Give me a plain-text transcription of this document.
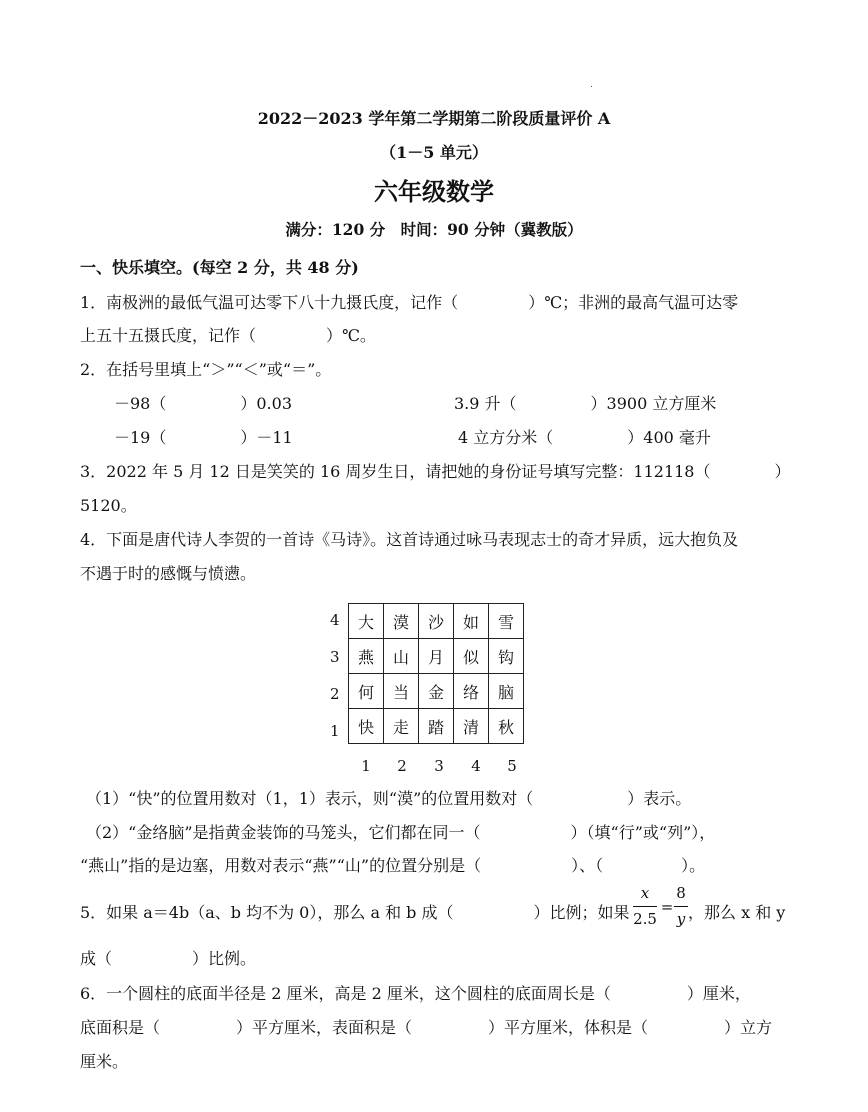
2022－2023 学年第二学期第二阶段质量评价 A
（1－5 单元）
六年级数学
满分：120 分　时间：90 分钟（冀教版）
一、快乐填空。(每空 2 分，共 48 分)
1．南极洲的最低气温可达零下八十九摄氏度，记作（	）℃；非洲的最高气温可达零
上五十五摄氏度，记作（	）℃。
2．在括号里填上“＞”“＜”或“＝”。
－98（	）0.03	3.9 升（	）3900 立方厘米
－19（	）－11	4 立方分米（	）400 毫升
3．2022 年 5 月 12 日是笑笑的 16 周岁生日，请把她的身份证号填写完整：112118（	）
5120。
4．下面是唐代诗人李贺的一首诗《马诗》。这首诗通过咏马表现志士的奇才异质，远大抱负及
不遇于时的感慨与愤懑。
大	漠	沙	如	雪
燕	山	月	似	钩
何	当	金	络	脑
快	走	踏	清	秋
4
3
2
1
1	2	3	4	5
（1）“快”的位置用数对（1，1）表示，则“漠”的位置用数对（	）表示。
（2）“金络脑”是指黄金装饰的马笼头，它们都在同一（	）（填“行”或“列”），
“燕山”指的是边塞，用数对表示“燕”“山”的位置分别是（	）、（	）。
5．如果 a＝4b（a、b 均不为 0），那么 a 和 b 成（	）比例；如果
x
2.5
=
8
y ，那么 x 和 y
成（	）比例。
6．一个圆柱的底面半径是 2 厘米，高是 2 厘米，这个圆柱的底面周长是（	）厘米，
底面积是（	）平方厘米，表面积是（	）平方厘米，体积是（	）立方
厘米。
